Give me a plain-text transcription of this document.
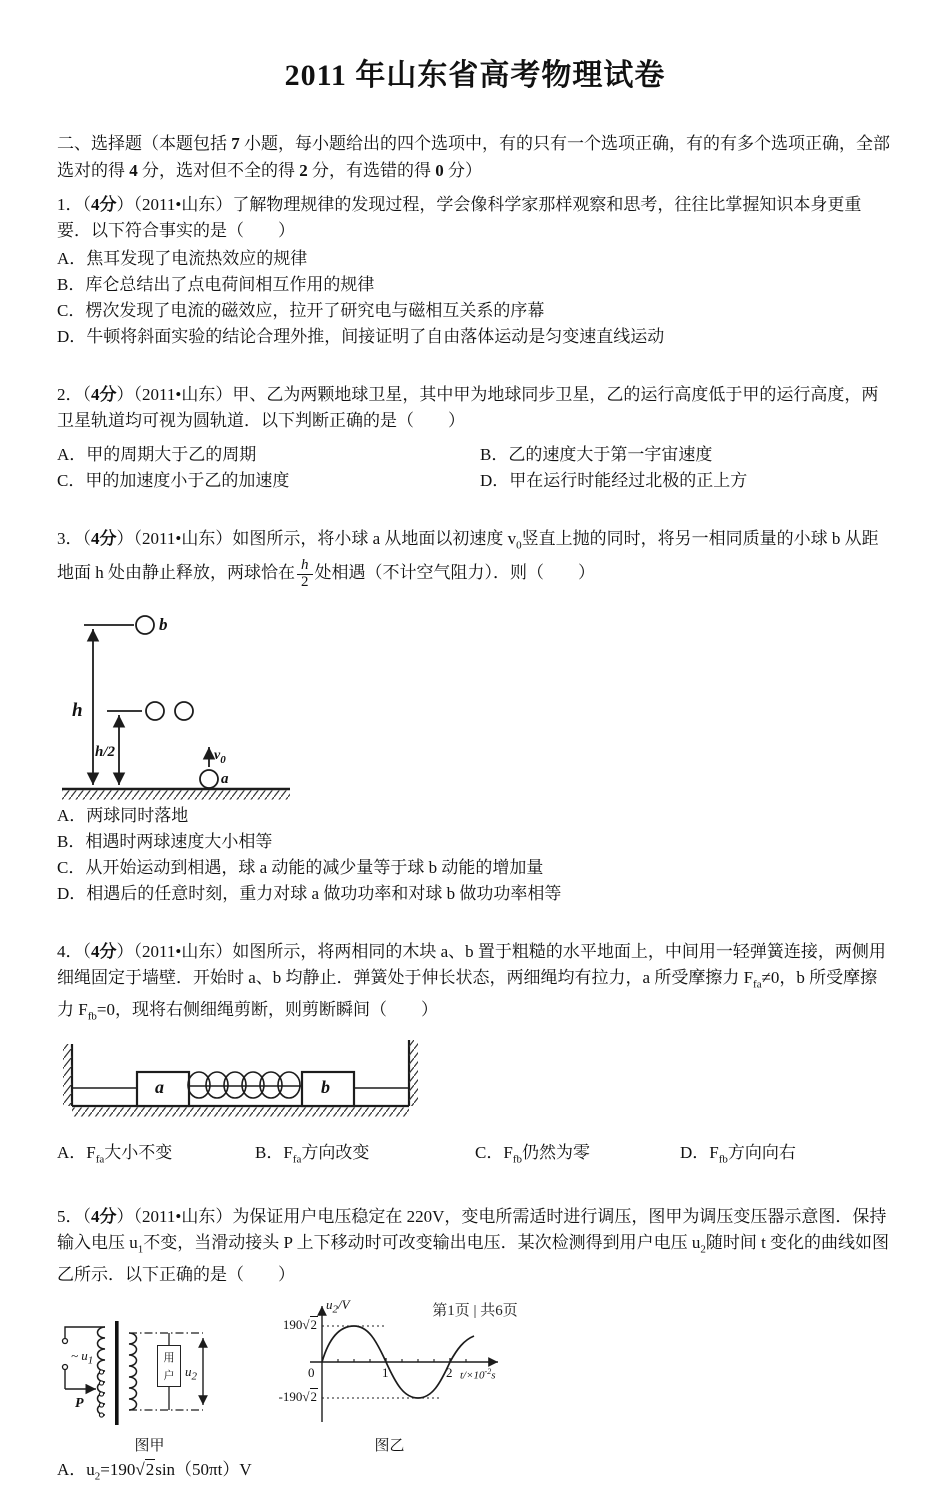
2011 年山东省高考物理试卷

二、选择题（本题包括 7 小题，每小题给出的四个选项中，有的只有一个选项正确，有的有多个选项正确，全部选对的得 4 分，选对但不全的得 2 分，有选错的得 0 分）

1．（4分）（2011•山东）了解物理规律的发现过程，学会像科学家那样观察和思考，往往比掌握知识本身更重要．以下符合事实的是（　　）

A．焦耳发现了电流热效应的规律
B．库仑总结出了点电荷间相互作用的规律
C．楞次发现了电流的磁效应，拉开了研究电与磁相互关系的序幕
D．牛顿将斜面实验的结论合理外推，间接证明了自由落体运动是匀变速直线运动

2．（4分）（2011•山东）甲、乙为两颗地球卫星，其中甲为地球同步卫星，乙的运行高度低于甲的运行高度，两卫星轨道均可视为圆轨道．以下判断正确的是（　　）

A．甲的周期大于乙的周期	B．乙的速度大于第一宇宙速度
C．甲的加速度小于乙的加速度	D．甲在运行时能经过北极的正上方

3．（4分）（2011•山东）如图所示，将小球 a 从地面以初速度 $v_0$竖直上抛的同时，将另一相同质量的小球 b 从距地面 h 处由静止释放，两球恰在 $\frac{h}{2}$ 处相遇（不计空气阻力）．则（　　）

h
b
h/2	$v_0$
a
A．两球同时落地
B．相遇时两球速度大小相等
C．从开始运动到相遇，球 a 动能的减少量等于球 b 动能的增加量
D．相遇后的任意时刻，重力对球 a 做功功率和对球 b 做功功率相等

4．（4分）（2011•山东）如图所示，将两相同的木块 a、b 置于粗糙的水平地面上，中间用一轻弹簧连接，两侧用细绳固定于墙壁．开始时 a、b 均静止．弹簧处于伸长状态，两细绳均有拉力，a 所受摩擦力 $F_{fa}\ne 0$，b 所受摩擦力 $F_{fb}=0$，现将右侧细绳剪断，则剪断瞬间（　　）

a	b
A．$F_{fa}$大小不变	B．$F_{fa}$方向改变	C．$F_{fb}$仍然为零	D．$F_{fb}$方向向右

5．（4分）（2011•山东）为保证用户电压稳定在 220V，变电所需适时进行调压，图甲为调压变压器示意图．保持输入电压 $u_1$不变，当滑动接头 P 上下移动时可改变输出电压．某次检测得到用户电压 $u_2$随时间 t 变化的曲线如图乙所示．以下正确的是（　　）

~ $u_1$
P
用
户 $u_2$
图甲
$u_2/V$
190√2
0
-190√2
1	2 $t/\times 10^{-2}s$
图乙
A．$u_2=190√2\sin(50\pi t)V$
第1页 | 共6页
